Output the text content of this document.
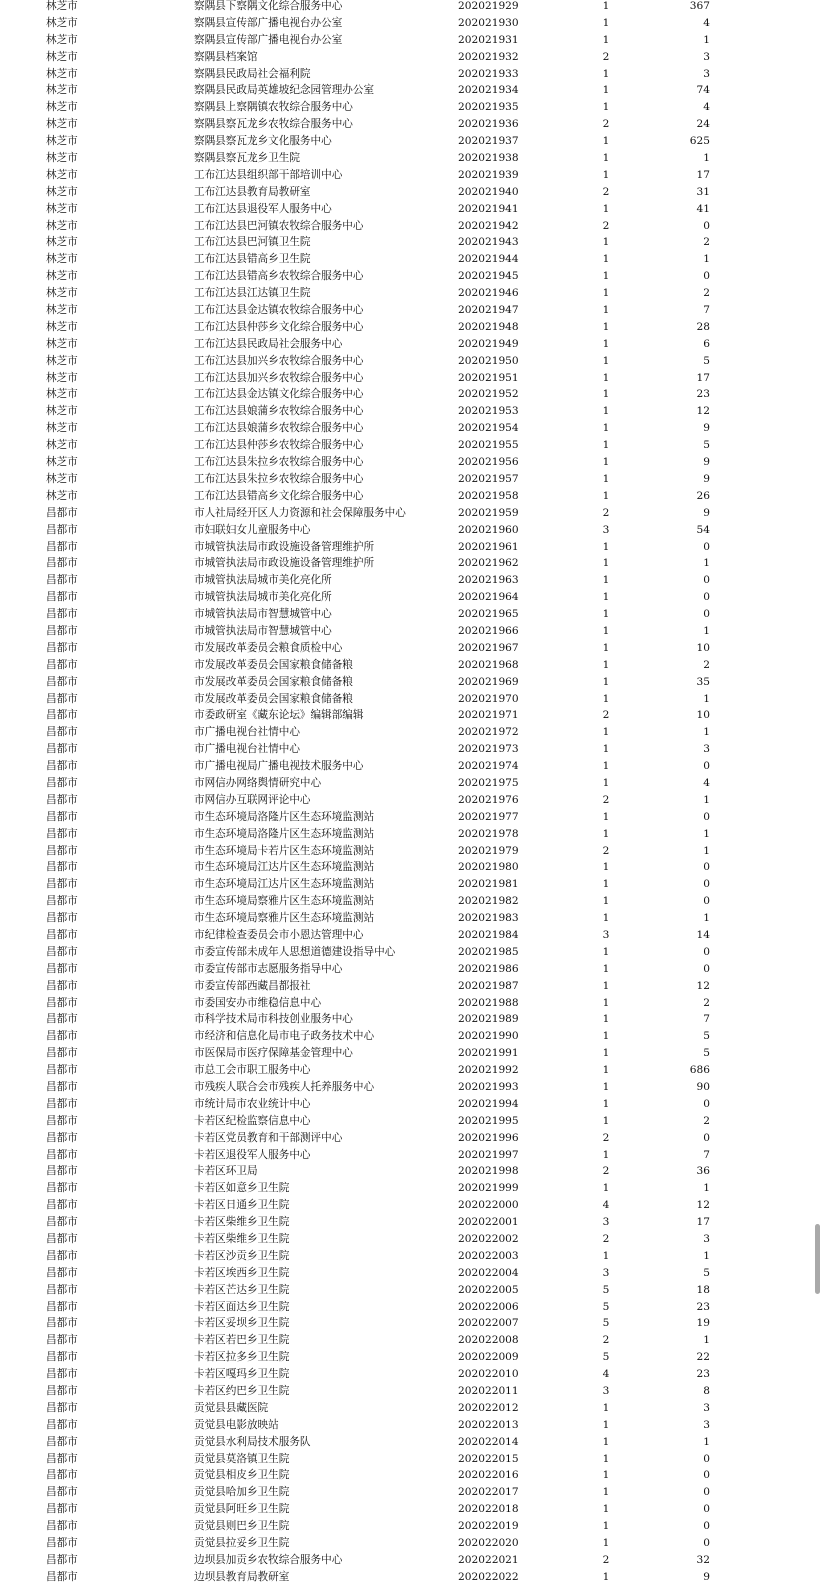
林芝市	察隅县下察隅文化综合服务中心	202021929	1	367
林芝市	察隅县宣传部广播电视台办公室	202021930	1	4
林芝市	察隅县宣传部广播电视台办公室	202021931	1	1
林芝市	察隅县档案馆	202021932	2	3
林芝市	察隅县民政局社会福利院	202021933	1	3
林芝市	察隅县民政局英雄坡纪念园管理办公室	202021934	1	74
林芝市	察隅县上察隅镇农牧综合服务中心	202021935	1	4
林芝市	察隅县察瓦龙乡农牧综合服务中心	202021936	2	24
林芝市	察隅县察瓦龙乡文化服务中心	202021937	1	625
林芝市	察隅县察瓦龙乡卫生院	202021938	1	1
林芝市	工布江达县组织部干部培训中心	202021939	1	17
林芝市	工布江达县教育局教研室	202021940	2	31
林芝市	工布江达县退役军人服务中心	202021941	1	41
林芝市	工布江达县巴河镇农牧综合服务中心	202021942	2	0
林芝市	工布江达县巴河镇卫生院	202021943	1	2
林芝市	工布江达县错高乡卫生院	202021944	1	1
林芝市	工布江达县错高乡农牧综合服务中心	202021945	1	0
林芝市	工布江达县江达镇卫生院	202021946	1	2
林芝市	工布江达县金达镇农牧综合服务中心	202021947	1	7
林芝市	工布江达县仲莎乡文化综合服务中心	202021948	1	28
林芝市	工布江达县民政局社会服务中心	202021949	1	6
林芝市	工布江达县加兴乡农牧综合服务中心	202021950	1	5
林芝市	工布江达县加兴乡农牧综合服务中心	202021951	1	17
林芝市	工布江达县金达镇文化综合服务中心	202021952	1	23
林芝市	工布江达县娘蒲乡农牧综合服务中心	202021953	1	12
林芝市	工布江达县娘蒲乡农牧综合服务中心	202021954	1	9
林芝市	工布江达县仲莎乡农牧综合服务中心	202021955	1	5
林芝市	工布江达县朱拉乡农牧综合服务中心	202021956	1	9
林芝市	工布江达县朱拉乡农牧综合服务中心	202021957	1	9
林芝市	工布江达县错高乡文化综合服务中心	202021958	1	26
昌都市	市人社局经开区人力资源和社会保障服务中心	202021959	2	9
昌都市	市妇联妇女儿童服务中心	202021960	3	54
昌都市	市城管执法局市政设施设备管理维护所	202021961	1	0
昌都市	市城管执法局市政设施设备管理维护所	202021962	1	1
昌都市	市城管执法局城市美化亮化所	202021963	1	0
昌都市	市城管执法局城市美化亮化所	202021964	1	0
昌都市	市城管执法局市智慧城管中心	202021965	1	0
昌都市	市城管执法局市智慧城管中心	202021966	1	1
昌都市	市发展改革委员会粮食质检中心	202021967	1	10
昌都市	市发展改革委员会国家粮食储备粮	202021968	1	2
昌都市	市发展改革委员会国家粮食储备粮	202021969	1	35
昌都市	市发展改革委员会国家粮食储备粮	202021970	1	1
昌都市	市委政研室《藏东论坛》编辑部编辑	202021971	2	10
昌都市	市广播电视台社情中心	202021972	1	1
昌都市	市广播电视台社情中心	202021973	1	3
昌都市	市广播电视局广播电视技术服务中心	202021974	1	0
昌都市	市网信办网络舆情研究中心	202021975	1	4
昌都市	市网信办互联网评论中心	202021976	2	1
昌都市	市生态环境局洛隆片区生态环境监测站	202021977	1	0
昌都市	市生态环境局洛隆片区生态环境监测站	202021978	1	1
昌都市	市生态环境局卡若片区生态环境监测站	202021979	2	1
昌都市	市生态环境局江达片区生态环境监测站	202021980	1	0
昌都市	市生态环境局江达片区生态环境监测站	202021981	1	0
昌都市	市生态环境局察雅片区生态环境监测站	202021982	1	0
昌都市	市生态环境局察雅片区生态环境监测站	202021983	1	1
昌都市	市纪律检查委员会市小恩达管理中心	202021984	3	14
昌都市	市委宣传部未成年人思想道德建设指导中心	202021985	1	0
昌都市	市委宣传部市志愿服务指导中心	202021986	1	0
昌都市	市委宣传部西藏昌都报社	202021987	1	12
昌都市	市委国安办市维稳信息中心	202021988	1	2
昌都市	市科学技术局市科技创业服务中心	202021989	1	7
昌都市	市经济和信息化局市电子政务技术中心	202021990	1	5
昌都市	市医保局市医疗保障基金管理中心	202021991	1	5
昌都市	市总工会市职工服务中心	202021992	1	686
昌都市	市残疾人联合会市残疾人托养服务中心	202021993	1	90
昌都市	市统计局市农业统计中心	202021994	1	0
昌都市	卡若区纪检监察信息中心	202021995	1	2
昌都市	卡若区党员教育和干部测评中心	202021996	2	0
昌都市	卡若区退役军人服务中心	202021997	1	7
昌都市	卡若区环卫局	202021998	2	36
昌都市	卡若区如意乡卫生院	202021999	1	1
昌都市	卡若区日通乡卫生院	202022000	4	12
昌都市	卡若区柴维乡卫生院	202022001	3	17
昌都市	卡若区柴维乡卫生院	202022002	2	3
昌都市	卡若区沙贡乡卫生院	202022003	1	1
昌都市	卡若区埃西乡卫生院	202022004	3	5
昌都市	卡若区芒达乡卫生院	202022005	5	18
昌都市	卡若区面达乡卫生院	202022006	5	23
昌都市	卡若区妥坝乡卫生院	202022007	5	19
昌都市	卡若区若巴乡卫生院	202022008	2	1
昌都市	卡若区拉多乡卫生院	202022009	5	22
昌都市	卡若区嘎玛乡卫生院	202022010	4	23
昌都市	卡若区约巴乡卫生院	202022011	3	8
昌都市	贡觉县县藏医院	202022012	1	3
昌都市	贡觉县电影放映站	202022013	1	3
昌都市	贡觉县水利局技术服务队	202022014	1	1
昌都市	贡觉县莫洛镇卫生院	202022015	1	0
昌都市	贡觉县相皮乡卫生院	202022016	1	0
昌都市	贡觉县哈加乡卫生院	202022017	1	0
昌都市	贡觉县阿旺乡卫生院	202022018	1	0
昌都市	贡觉县则巴乡卫生院	202022019	1	0
昌都市	贡觉县拉妥乡卫生院	202022020	1	0
昌都市	边坝县加贡乡农牧综合服务中心	202022021	2	32
昌都市	边坝县教育局教研室	202022022	1	9
